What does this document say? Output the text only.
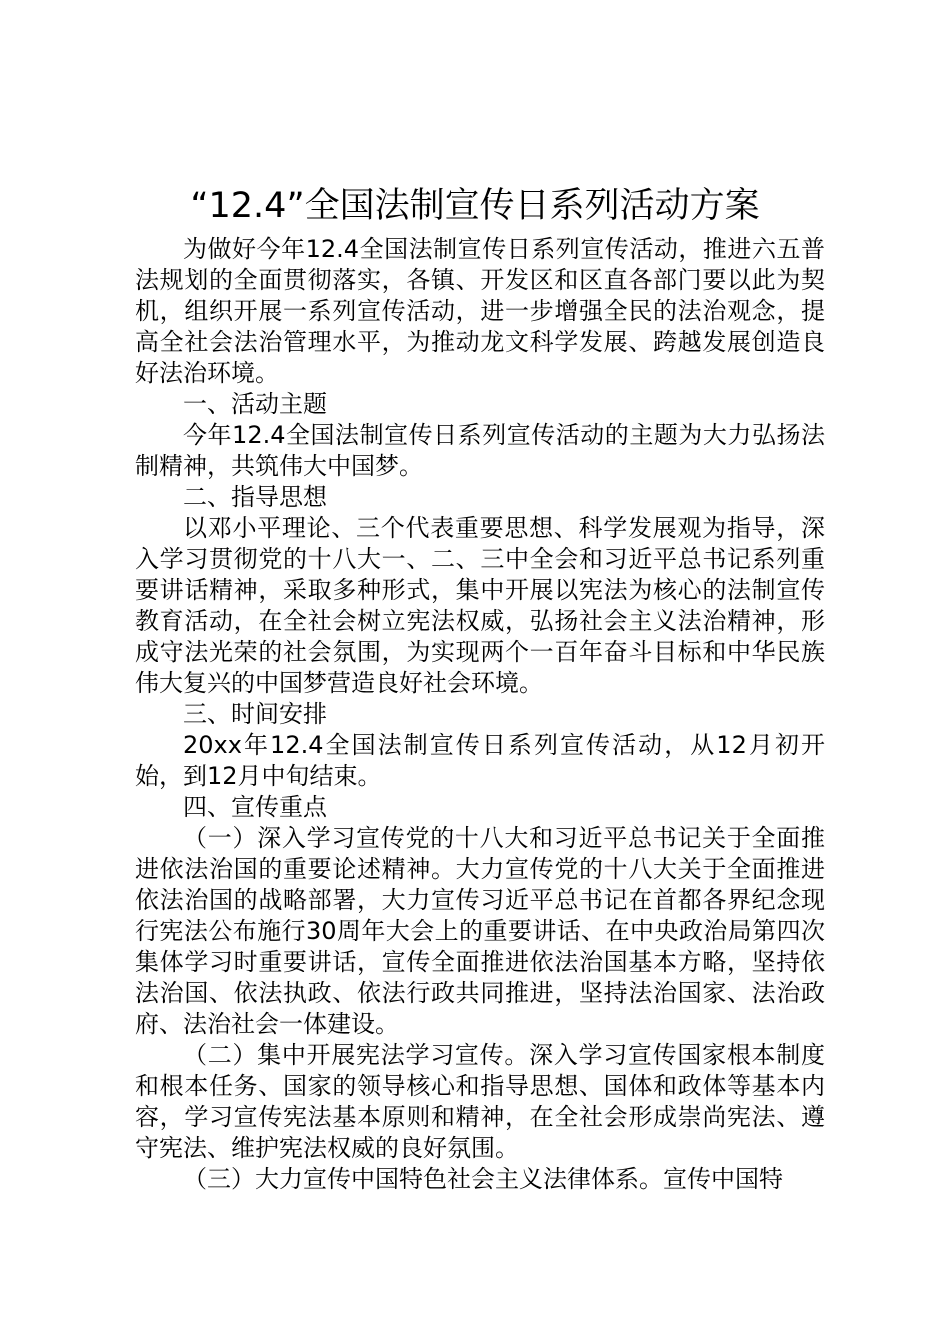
“12.4”全国法制宣传日系列活动方案

为做好今年12.4全国法制宣传日系列宣传活动，推进六五普法规划的全面贯彻落实，各镇、开发区和区直各部门要以此为契机，组织开展一系列宣传活动，进一步增强全民的法治观念，提高全社会法治管理水平，为推动龙文科学发展、跨越发展创造良好法治环境。

一、活动主题

今年12.4全国法制宣传日系列宣传活动的主题为大力弘扬法制精神，共筑伟大中国梦。

二、指导思想

以邓小平理论、三个代表重要思想、科学发展观为指导，深入学习贯彻党的十八大一、二、三中全会和习近平总书记系列重要讲话精神，采取多种形式，集中开展以宪法为核心的法制宣传教育活动，在全社会树立宪法权威，弘扬社会主义法治精神，形成守法光荣的社会氛围，为实现两个一百年奋斗目标和中华民族伟大复兴的中国梦营造良好社会环境。

三、时间安排

20xx年12.4全国法制宣传日系列宣传活动，从12月初开始，到12月中旬结束。

四、宣传重点

（一）深入学习宣传党的十八大和习近平总书记关于全面推进依法治国的重要论述精神。大力宣传党的十八大关于全面推进依法治国的战略部署，大力宣传习近平总书记在首都各界纪念现行宪法公布施行30周年大会上的重要讲话、在中央政治局第四次集体学习时重要讲话，宣传全面推进依法治国基本方略，坚持依法治国、依法执政、依法行政共同推进，坚持法治国家、法治政府、法治社会一体建设。

（二）集中开展宪法学习宣传。深入学习宣传国家根本制度和根本任务、国家的领导核心和指导思想、国体和政体等基本内容，学习宣传宪法基本原则和精神，在全社会形成崇尚宪法、遵守宪法、维护宪法权威的良好氛围。

（三）大力宣传中国特色社会主义法律体系。宣传中国特
